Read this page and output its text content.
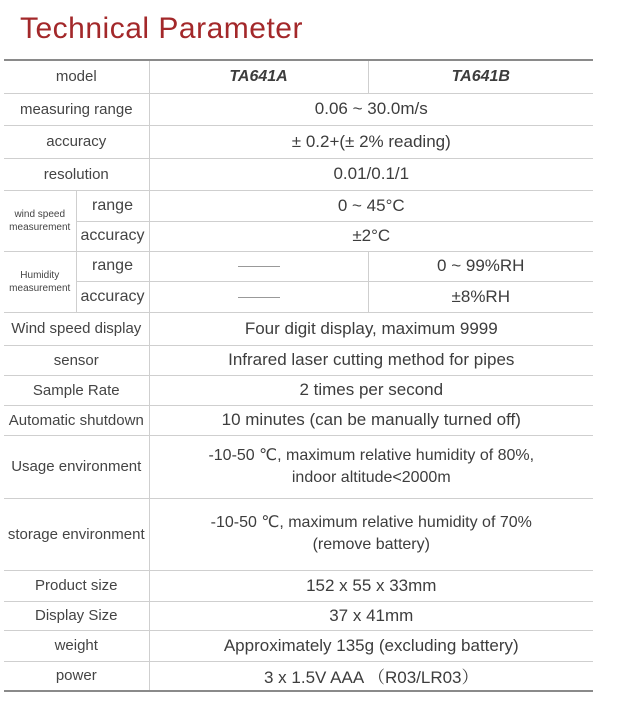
Technical Parameter
model		TA641A	TA641B
measuring range		0.06 ~ 30.0m/s	
accuracy		± 0.2+(± 2% reading)	
resolution		0.01/0.1/1	
wind speed measurement	range	0 ~ 45°C	
	accuracy	±2°C	
Humidity measurement	range		0 ~ 99%RH
	accuracy		±8%RH
Wind speed display		Four digit display, maximum 9999	
sensor		Infrared laser cutting method for pipes	
Sample Rate		2 times per second	
Automatic shutdown		10 minutes (can be manually turned off)	
Usage environment		-10-50 ℃, maximum relative humidity of 80%,
indoor altitude<2000m	

storage environment		-10-50 ℃, maximum relative humidity of 70%
(remove battery)	

Product size		152 x 55 x 33mm	
Display Size		37 x 41mm	
weight		Approximately 135g (excluding battery)	
power		3 x 1.5V AAA （R03/LR03）	
